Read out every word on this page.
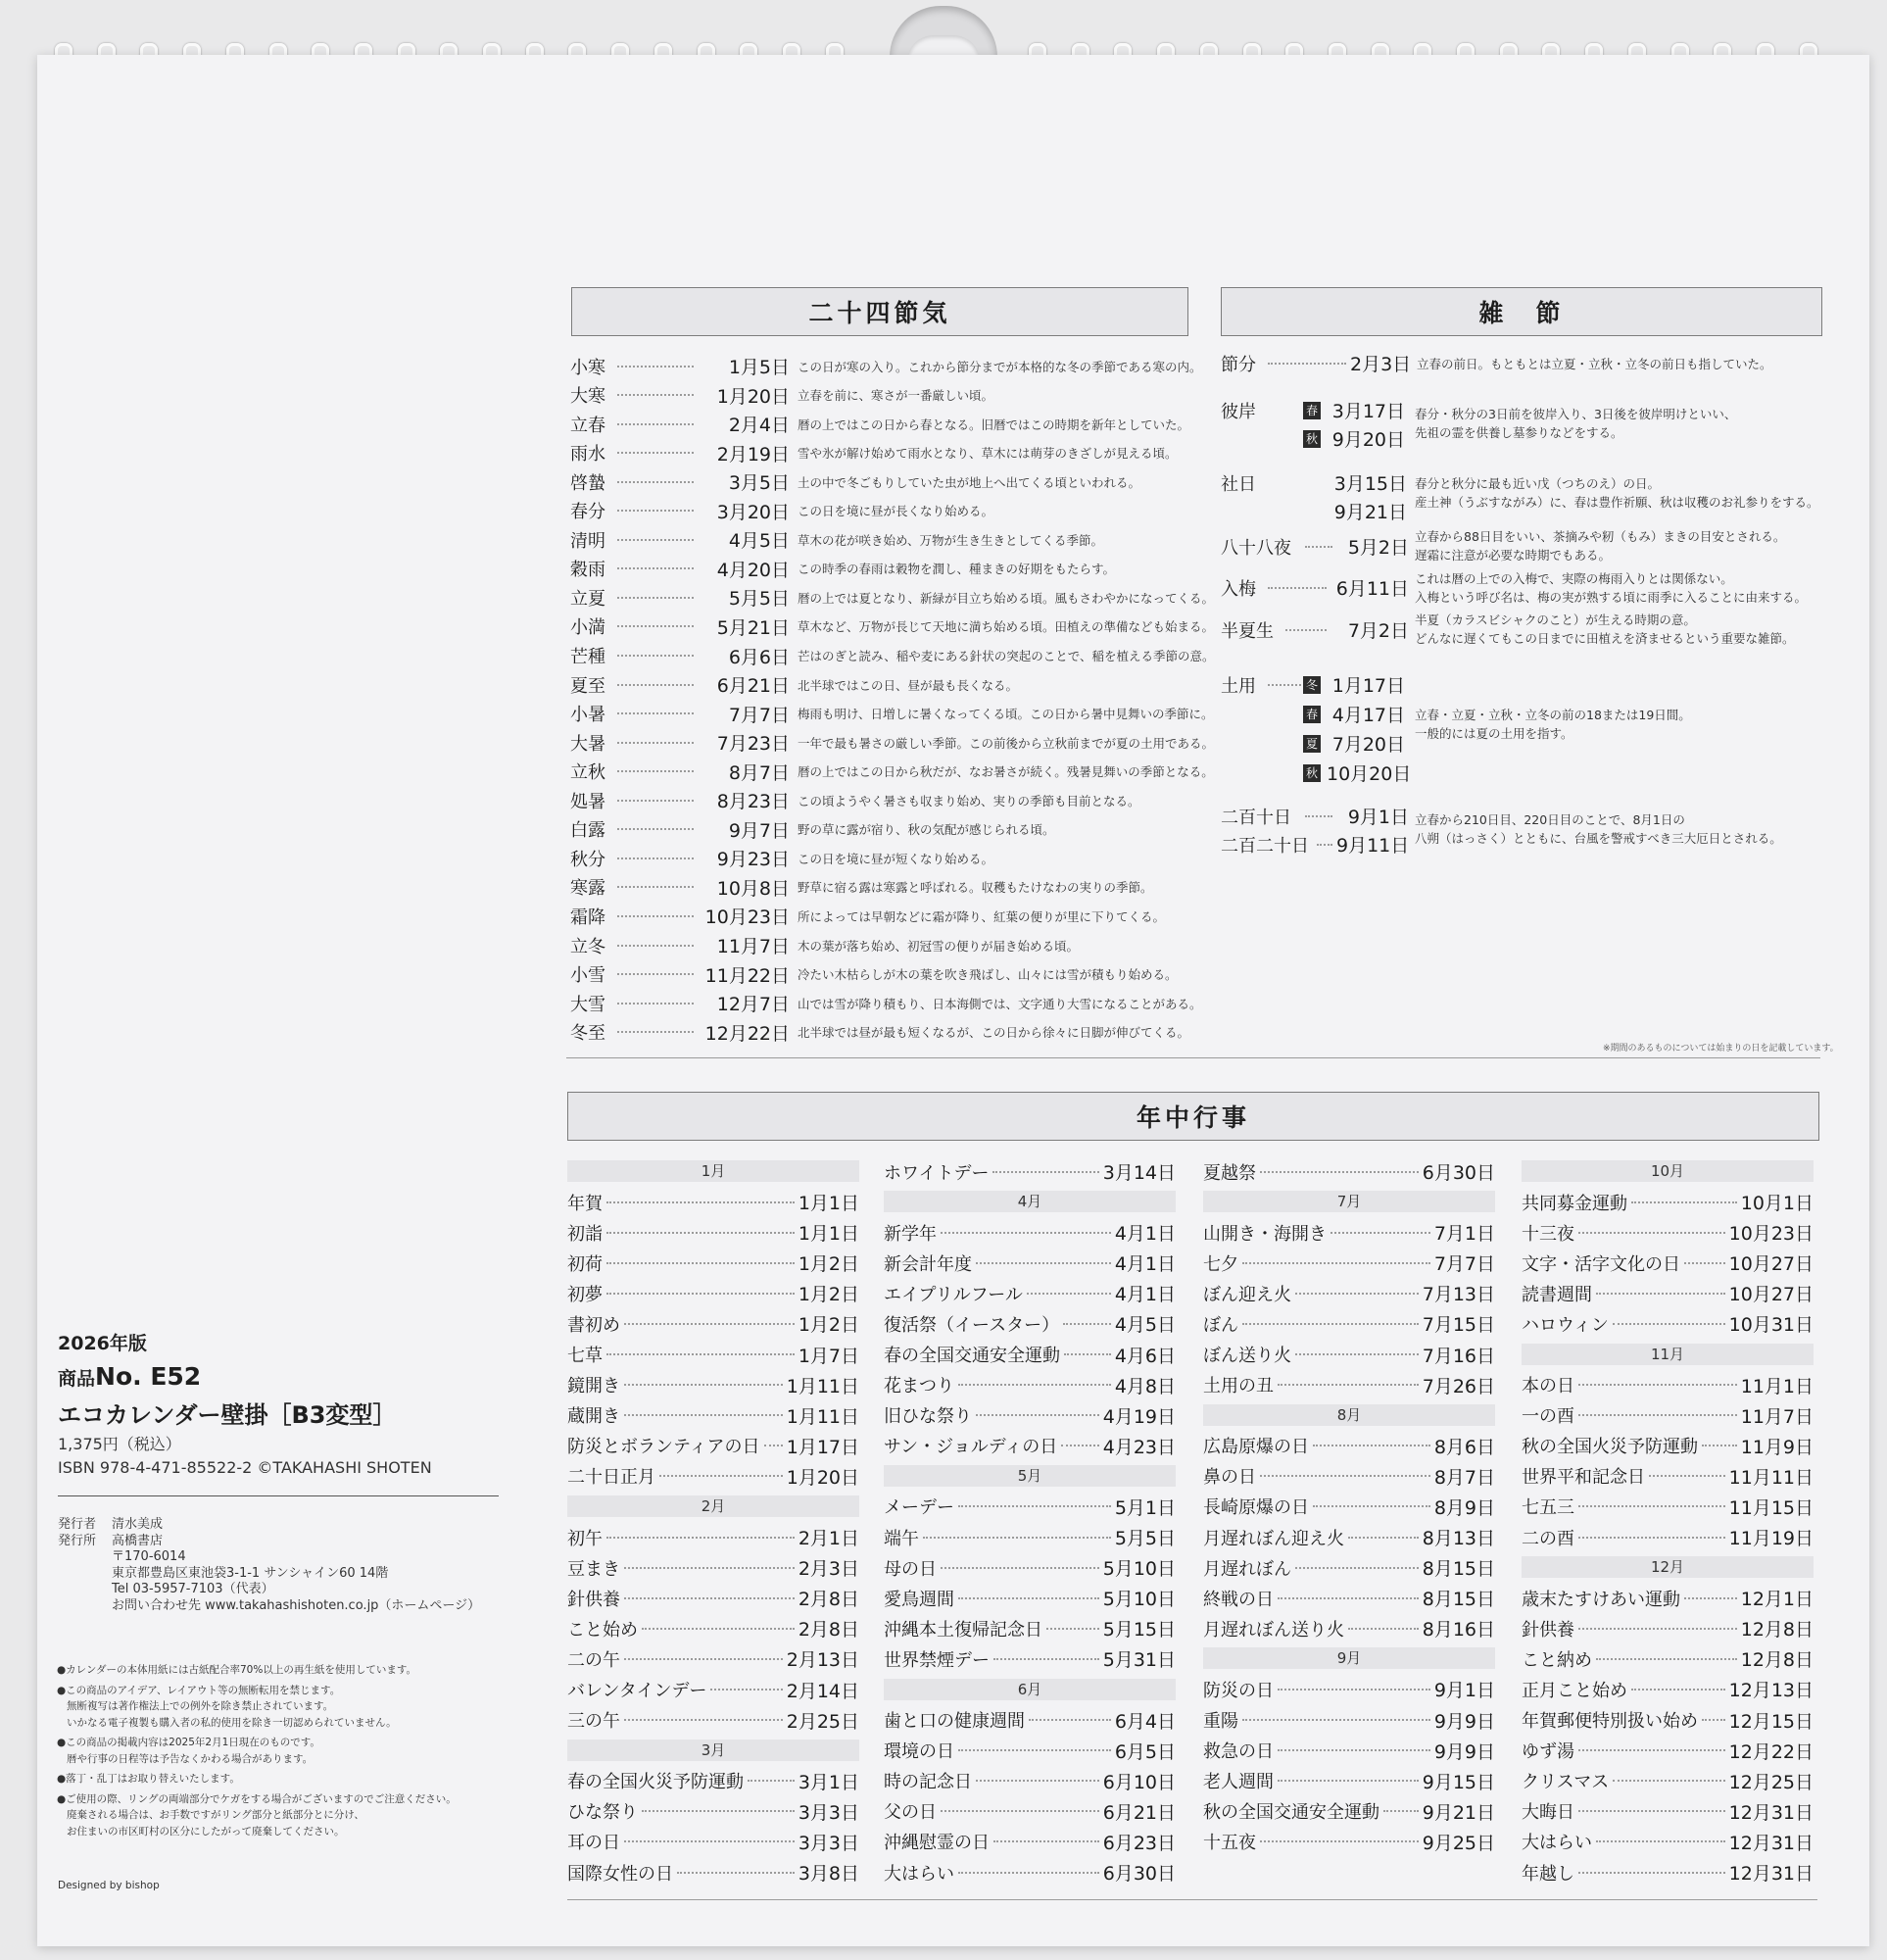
二十四節気
小寒	1月5日 この日が寒の入り。これから節分までが本格的な冬の季節である寒の内。
大寒	1月20日 立春を前に、寒さが一番厳しい頃。
立春	2月4日 暦の上ではこの日から春となる。旧暦ではこの時期を新年としていた。
雨水	2月19日 雪や氷が解け始めて雨水となり、草木には萌芽のきざしが見える頃。
啓蟄	3月5日 土の中で冬ごもりしていた虫が地上へ出てくる頃といわれる。
春分	3月20日 この日を境に昼が長くなり始める。
清明	4月5日 草木の花が咲き始め、万物が生き生きとしてくる季節。
穀雨	4月20日 この時季の春雨は穀物を潤し、種まきの好期をもたらす。
立夏	5月5日 暦の上では夏となり、新緑が目立ち始める頃。風もさわやかになってくる。
小満	5月21日 草木など、万物が長じて天地に満ち始める頃。田植えの準備なども始まる。
芒種	6月6日 芒はのぎと読み、稲や麦にある針状の突起のことで、稲を植える季節の意。
夏至	6月21日 北半球ではこの日、昼が最も長くなる。
小暑	7月7日 梅雨も明け、日増しに暑くなってくる頃。この日から暑中見舞いの季節に。
大暑	7月23日 一年で最も暑さの厳しい季節。この前後から立秋前までが夏の土用である。
立秋	8月7日 暦の上ではこの日から秋だが、なお暑さが続く。残暑見舞いの季節となる。
処暑	8月23日 この頃ようやく暑さも収まり始め、実りの季節も目前となる。
白露	9月7日 野の草に露が宿り、秋の気配が感じられる頃。
秋分	9月23日 この日を境に昼が短くなり始める。
寒露	10月8日 野草に宿る露は寒露と呼ばれる。収穫もたけなわの実りの季節。
霜降	10月23日 所によっては早朝などに霜が降り、紅葉の便りが里に下りてくる。
立冬	11月7日 木の葉が落ち始め、初冠雪の便りが届き始める頃。
小雪	11月22日 冷たい木枯らしが木の葉を吹き飛ばし、山々には雪が積もり始める。
大雪	12月7日 山では雪が降り積もり、日本海側では、文字通り大雪になることがある。
冬至	12月22日 北半球では昼が最も短くなるが、この日から徐々に日脚が伸びてくる。
雑　節
節分	2月3日 立春の前日。もともとは立夏・立秋・立冬の前日も指していた。
彼岸	春 3月17日
秋 9月20日
春分・秋分の3日前を彼岸入り、3日後を彼岸明けといい、
先祖の霊を供養し墓参りなどをする。
社日	3月15日
9月21日
春分と秋分に最も近い戊（つちのえ）の日。
産土神（うぶすながみ）に、春は豊作祈願、秋は収穫のお礼参りをする。
八十八夜	5月2日
立春から88日目をいい、茶摘みや籾（もみ）まきの目安とされる。
遅霜に注意が必要な時期でもある。
入梅	6月11日 これは暦の上での入梅で、実際の梅雨入りとは関係ない。
入梅という呼び名は、梅の実が熟する頃に雨季に入ることに由来する。
半夏生	7月2日
半夏（カラスビシャクのこと）が生える時期の意。
どんなに遅くてもこの日までに田植えを済ませるという重要な雑節。
土用	冬 1月17日
春 4月17日
夏 7月20日
秋 10月20日
立春・立夏・立秋・立冬の前の18または19日間。
一般的には夏の土用を指す。
二百十日	9月1日
二百二十日 9月11日
立春から210日目、220日目のことで、8月1日の
八朔（はっさく）とともに、台風を警戒すべき三大厄日とされる。
※期間のあるものについては始まりの日を記載しています。
年中行事
1月
年賀	1月1日
初詣	1月1日
初荷	1月2日
初夢	1月2日
書初め	1月2日
七草	1月7日
鏡開き	1月11日
蔵開き	1月11日
防災とボランティアの日 1月17日
二十日正月	1月20日
2月
初午	2月1日
豆まき	2月3日
針供養	2月8日
こと始め	2月8日
二の午	2月13日
バレンタインデー	2月14日
三の午	2月25日
3月
春の全国火災予防運動	3月1日
ひな祭り	3月3日
耳の日	3月3日
国際女性の日	3月8日
ホワイトデー	3月14日
4月
新学年	4月1日
新会計年度	4月1日
エイプリルフール	4月1日
復活祭（イースター）	4月5日
春の全国交通安全運動	4月6日
花まつり	4月8日
旧ひな祭り	4月19日
サン・ジョルディの日 4月23日
5月
メーデー	5月1日
端午	5月5日
母の日	5月10日
愛鳥週間	5月10日
沖縄本土復帰記念日	5月15日
世界禁煙デー	5月31日
6月
歯と口の健康週間	6月4日
環境の日	6月5日
時の記念日	6月10日
父の日	6月21日
沖縄慰霊の日	6月23日
大はらい	6月30日
夏越祭	6月30日
7月
山開き・海開き	7月1日
七夕	7月7日
ぼん迎え火	7月13日
ぼん	7月15日
ぼん送り火	7月16日
土用の丑	7月26日
8月
広島原爆の日	8月6日
鼻の日	8月7日
長崎原爆の日	8月9日
月遅れぼん迎え火	8月13日
月遅れぼん	8月15日
終戦の日	8月15日
月遅れぼん送り火	8月16日
9月
防災の日	9月1日
重陽	9月9日
救急の日	9月9日
老人週間	9月15日
秋の全国交通安全運動 9月21日
十五夜	9月25日
10月
共同募金運動	10月1日
十三夜	10月23日
文字・活字文化の日	10月27日
読書週間	10月27日
ハロウィン	10月31日
11月
本の日	11月1日
一の酉	11月7日
秋の全国火災予防運動 11月9日
世界平和記念日	11月11日
七五三	11月15日
二の酉	11月19日
12月
歳末たすけあい運動	12月1日
針供養	12月8日
こと納め	12月8日
正月こと始め	12月13日
年賀郵便特別扱い始め 12月15日
ゆず湯	12月22日
クリスマス	12月25日
大晦日	12月31日
大はらい	12月31日
年越し	12月31日
2026年版
商品No. E52
エコカレンダー壁掛［B3変型］
1,375円（税込）
ISBN 978-4-471-85522-2 ©TAKAHASHI SHOTEN
発行者 清水美成
発行所 高橋書店
〒170-6014
東京都豊島区東池袋3-1-1 サンシャイン60 14階
Tel 03-5957-7103（代表）
お問い合わせ先 www.takahashishoten.co.jp（ホームページ）
●カレンダーの本体用紙には古紙配合率70%以上の再生紙を使用しています。
●この商品のアイデア、レイアウト等の無断転用を禁じます。
無断複写は著作権法上での例外を除き禁止されています。
いかなる電子複製も購入者の私的使用を除き一切認められていません。
●この商品の掲載内容は2025年2月1日現在のものです。
暦や行事の日程等は予告なくかわる場合があります。
●落丁・乱丁はお取り替えいたします。
●ご使用の際、リングの両端部分でケガをする場合がございますのでご注意ください。
廃棄される場合は、お手数ですがリング部分と紙部分とに分け、
お住まいの市区町村の区分にしたがって廃棄してください。
Designed by bishop
